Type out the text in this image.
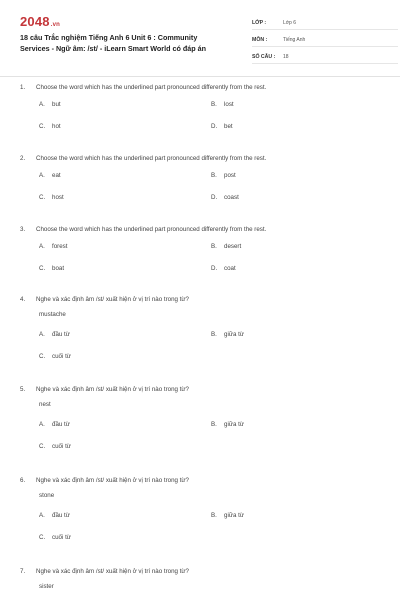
2048.vn
18 câu Trắc nghiệm Tiếng Anh 6 Unit 6 : Community Services - Ngữ âm: /st/ - iLearn Smart World có đáp án
LỚP :	Lớp 6
MÔN :	Tiếng Anh
SỐ CÂU :	18
1.	Choose the word which has the underlined part pronounced differently from the rest.
A.	but	B.	lost
C.	hot	D.	bet
2.	Choose the word which has the underlined part pronounced differently from the rest.
A.	eat	B.	post
C.	host	D.	coast
3.	Choose the word which has the underlined part pronounced differently from the rest.
A.	forest	B.	desert
C.	boat	D.	coat
4.	Nghe và xác định âm /st/ xuất hiện ở vị trí nào trong từ?
mustache
A.	đầu từ	B.	giữa từ
C.	cuối từ
5.	Nghe và xác định âm /st/ xuất hiện ở vị trí nào trong từ?
nest
A.	đầu từ	B.	giữa từ
C.	cuối từ
6.	Nghe và xác định âm /st/ xuất hiện ở vị trí nào trong từ?
stone
A.	đầu từ	B.	giữa từ
C.	cuối từ
7.	Nghe và xác định âm /st/ xuất hiện ở vị trí nào trong từ?
sister
